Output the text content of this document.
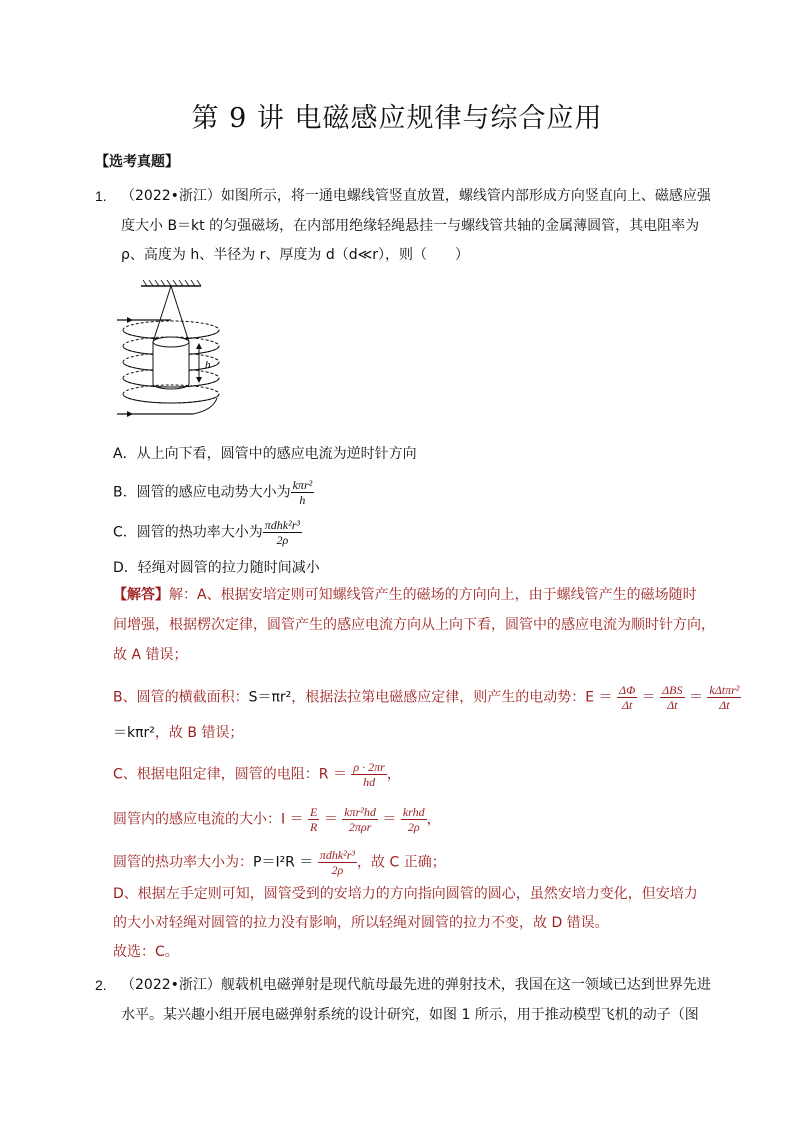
第 9 讲 电磁感应规律与综合应用
【选考真题】
1. （2022•浙江）如图所示，将一通电螺线管竖直放置，螺线管内部形成方向竖直向上、磁感应强
度大小 B＝kt 的匀强磁场，在内部用绝缘轻绳悬挂一与螺线管共轴的金属薄圆管，其电阻率为
ρ、高度为 h、半径为 r、厚度为 d（d≪r），则（　　）
h
A．从上向下看，圆管中的感应电流为逆时针方向
B．圆管的感应电动势大小为 $\frac{\text{kπr²}}{h}$
C．圆管的热功率大小为 $\frac{\text{πdhk²r³}}{2\rho}$
D．轻绳对圆管的拉力随时间减小
【解答】解：A、根据安培定则可知螺线管产生的磁场的方向向上，由于螺线管产生的磁场随时
间增强，根据楞次定律，圆管产生的感应电流方向从上向下看，圆管中的感应电流为顺时针方向，
故 A 错误；
B、圆管的横截面积：S＝πr²，根据法拉第电磁感应定律，则产生的电动势：$E = \frac{\Delta\Phi}{\Delta t} = \frac{\text{ΔBS}}{\Delta t} = \frac{\text{kΔtπr²}}{\Delta t}$
＝kπr²，故 B 错误；
C、根据电阻定律，圆管的电阻：$R = \frac{\rho \cdot 2\pi r}{hd}$ ，
圆管内的感应电流的大小：$I = \frac{E}{R} = \frac{\text{kπr²hd}}{\text{2πρr}} = \frac{\text{krhd}}{2\rho}$ ，
圆管的热功率大小为：$P=I^2R = \frac{\text{πdhk²r³}}{2\rho}$ ，故 C 正确；
D、根据左手定则可知，圆管受到的安培力的方向指向圆管的圆心，虽然安培力变化，但安培力
的大小对轻绳对圆管的拉力没有影响，所以轻绳对圆管的拉力不变，故 D 错误。
故选：C。
2. （2022•浙江）舰载机电磁弹射是现代航母最先进的弹射技术，我国在这一领域已达到世界先进
水平。某兴趣小组开展电磁弹射系统的设计研究，如图 1 所示，用于推动模型飞机的动子（图
